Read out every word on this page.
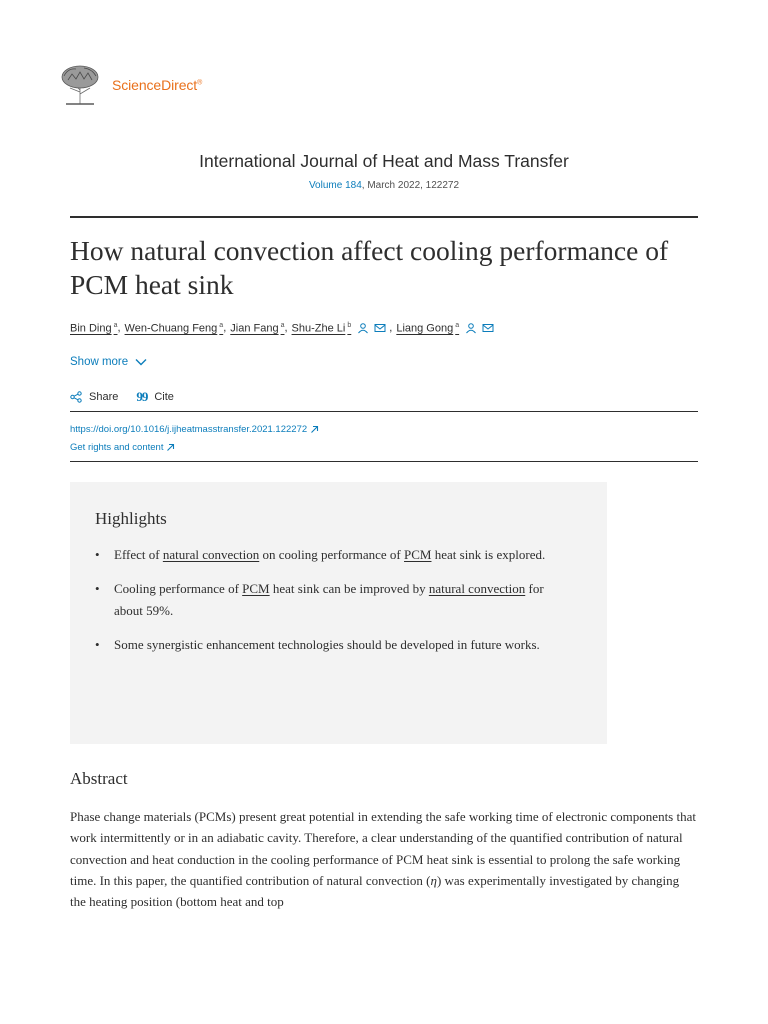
ScienceDirect®
International Journal of Heat and Mass Transfer
Volume 184, March 2022, 122272
How natural convection affect cooling performance of PCM heat sink
Bin Ding $^a$ , Wen-Chuang Feng $^a$ , Jian Fang $^a$ , Shu-Zhe Li $^b$	, Liang Gong $^a$
Show more
Share 99 Cite
https://doi.org/10.1016/j.ijheatmasstransfer.2021.122272
Get rights and content
Highlights
• Effect of natural convection on cooling performance of PCM heat sink is explored.
• Cooling performance of PCM heat sink can be improved by natural convection for about 59%.
• Some synergistic enhancement technologies should be developed in future works.
Abstract

Phase change materials (PCMs) present great potential in extending the safe working time of electronic components that work intermittently or in an adiabatic cavity. Therefore, a clear understanding of the quantified contribution of natural convection and heat conduction in the cooling performance of PCM heat sink is essential to prolong the safe working time. In this paper, the quantified contribution of natural convection (η) was experimentally investigated by changing the heating position (bottom heat and top
